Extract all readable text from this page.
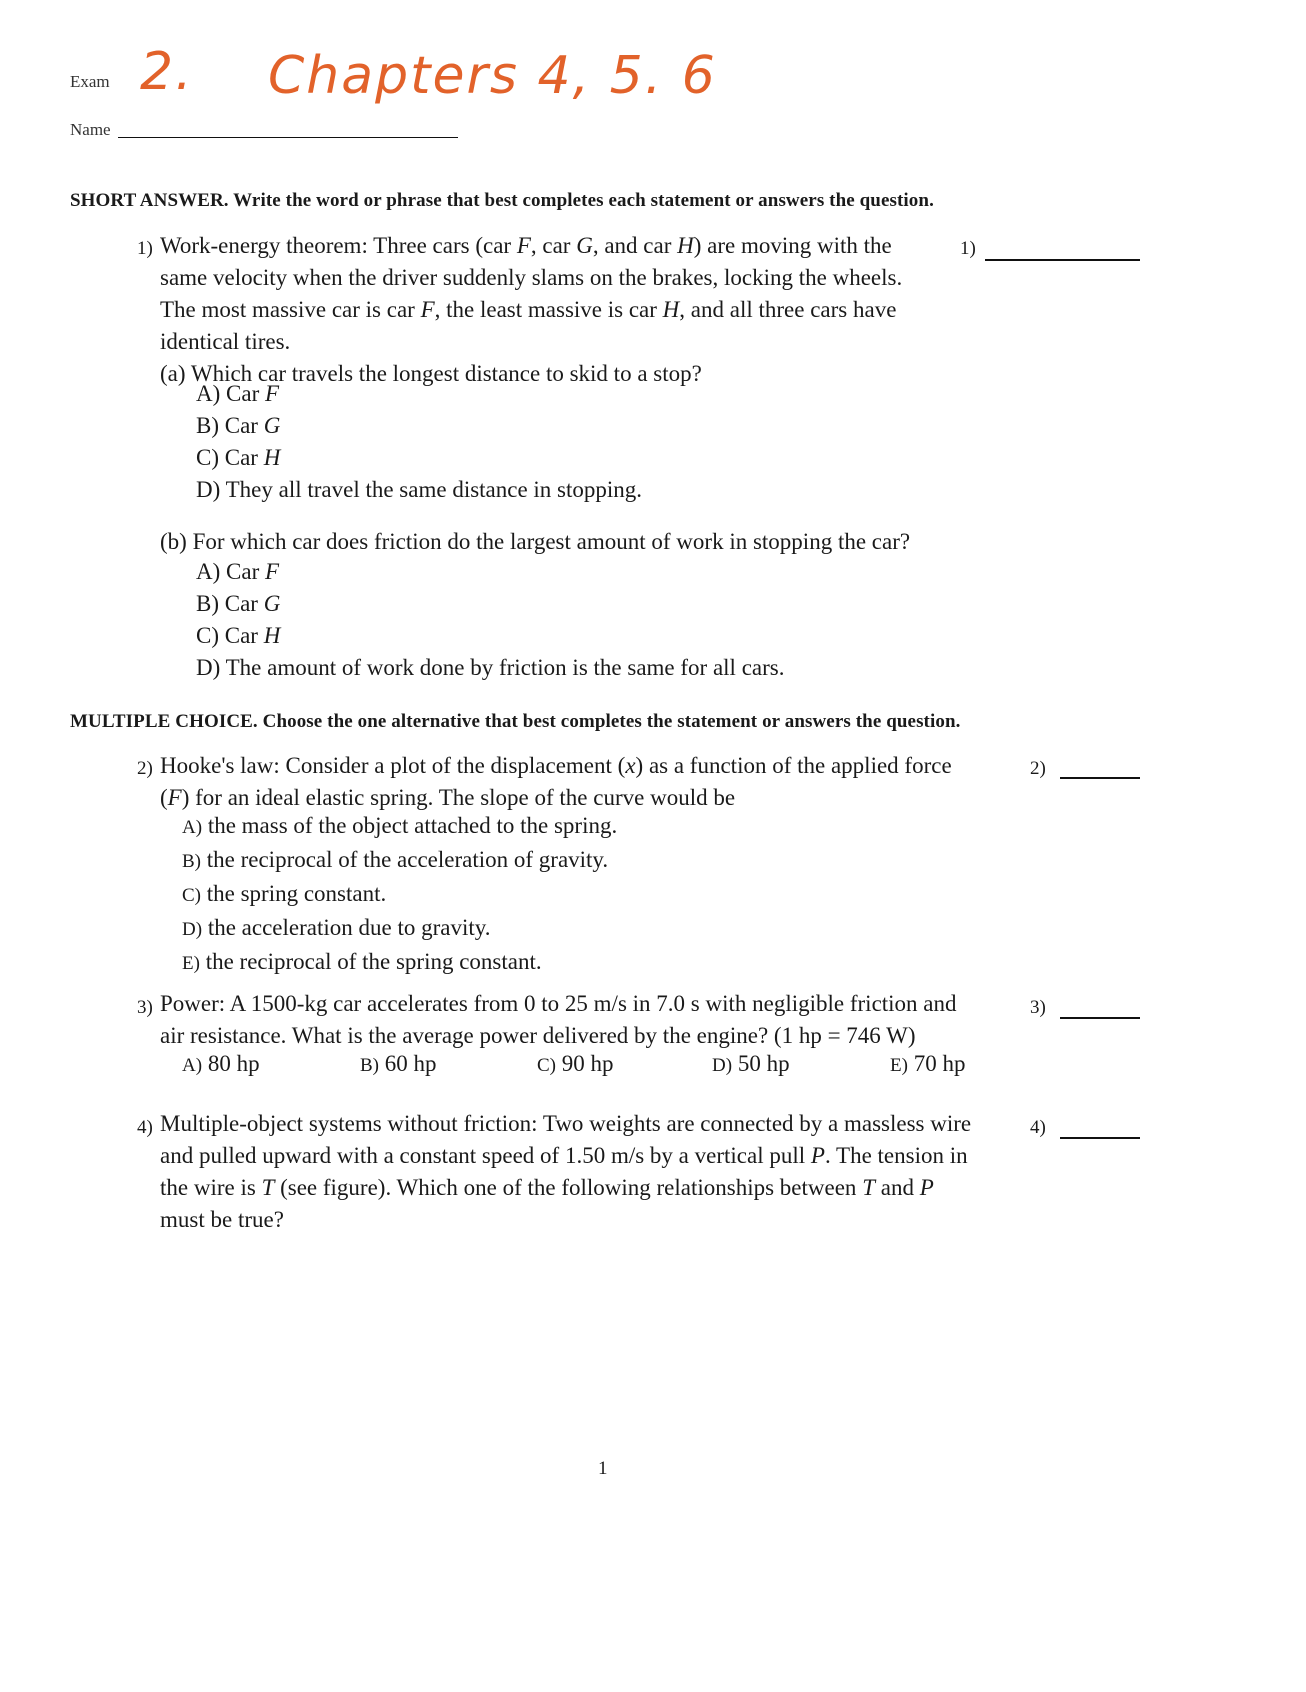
Exam 2. Chapters 4, 5. 6
Name
SHORT ANSWER. Write the word or phrase that best completes each statement or answers the question.
1) Work-energy theorem: Three cars (car F, car G, and car H) are moving with the
same velocity when the driver suddenly slams on the brakes, locking the wheels.
The most massive car is car F, the least massive is car H, and all three cars have
identical tires.
(a) Which car travels the longest distance to skid to a stop?
1)
A) Car F
B) Car G
C) Car H
D) They all travel the same distance in stopping.
(b) For which car does friction do the largest amount of work in stopping the car?
A) Car F
B) Car G
C) Car H
D) The amount of work done by friction is the same for all cars.
MULTIPLE CHOICE. Choose the one alternative that best completes the statement or answers the question.
2) Hooke's law: Consider a plot of the displacement (x) as a function of the applied force
(F) for an ideal elastic spring. The slope of the curve would be
2)
A) the mass of the object attached to the spring.
B) the reciprocal of the acceleration of gravity.
C) the spring constant.
D) the acceleration due to gravity.
E) the reciprocal of the spring constant.
3) Power: A 1500-kg car accelerates from 0 to 25 m/s in 7.0 s with negligible friction and
air resistance. What is the average power delivered by the engine? (1 hp = 746 W)
3)
A) 80 hp	B) 60 hp	C) 90 hp	D) 50 hp	E) 70 hp
4) Multiple-object systems without friction: Two weights are connected by a massless wire
and pulled upward with a constant speed of 1.50 m/s by a vertical pull P. The tension in
the wire is T (see figure). Which one of the following relationships between T and P
must be true?
4)
1
